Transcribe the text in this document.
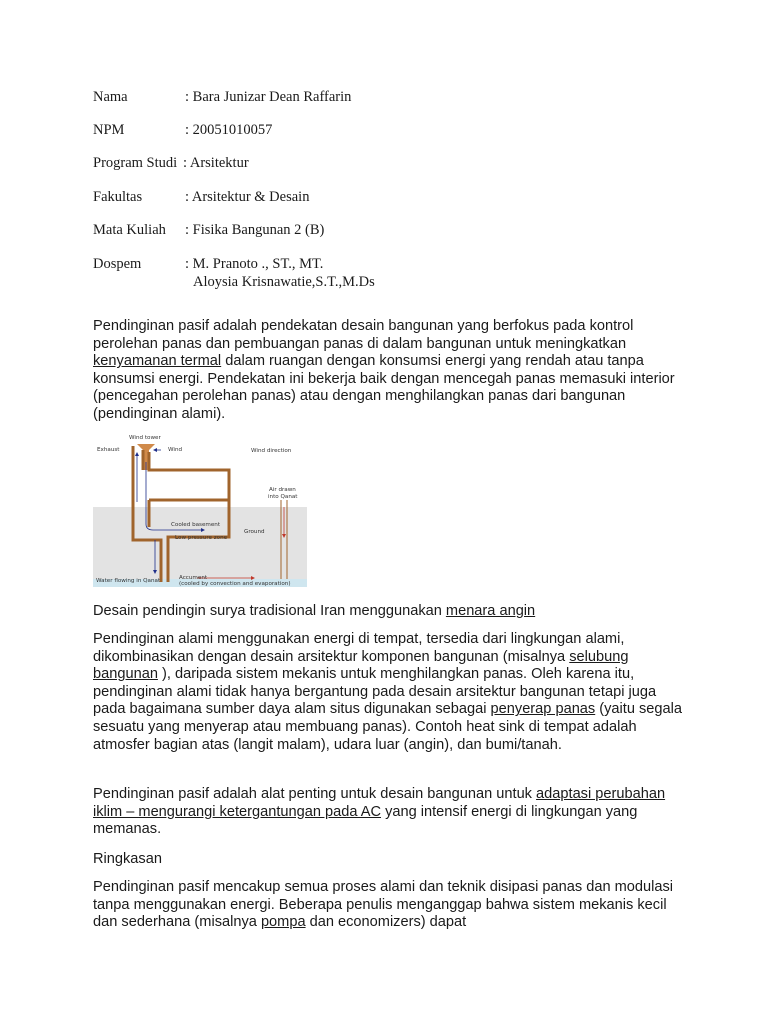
Nama	: Bara Junizar Dean Raffarin
NPM	: 20051010057
Program Studi : Arsitektur
Fakultas	: Arsitektur & Desain
Mata Kuliah : Fisika Bangunan 2 (B)
Dospem	: M. Pranoto ., ST., MT.
Aloysia Krisnawatie,S.T.,M.Ds

Pendinginan pasif adalah pendekatan desain bangunan yang berfokus pada kontrol perolehan panas dan pembuangan panas di dalam bangunan untuk meningkatkan kenyamanan termal dalam ruangan dengan konsumsi energi yang rendah atau tanpa konsumsi energi. Pendekatan ini bekerja baik dengan mencegah panas memasuki interior (pencegahan perolehan panas) atau dengan menghilangkan panas dari bangunan (pendinginan alami).

Wind tower
Exhaust	Wind	Wind direction
Air drawn
into Qanat
Cooled basement
Ground
Low pressure zone
Water flowing in Qanat	Accument
(cooled by convection and evaporation)

Desain pendingin surya tradisional Iran menggunakan menara angin

Pendinginan alami menggunakan energi di tempat, tersedia dari lingkungan alami, dikombinasikan dengan desain arsitektur komponen bangunan (misalnya selubung bangunan ), daripada sistem mekanis untuk menghilangkan panas. Oleh karena itu, pendinginan alami tidak hanya bergantung pada desain arsitektur bangunan tetapi juga pada bagaimana sumber daya alam situs digunakan sebagai penyerap panas (yaitu segala sesuatu yang menyerap atau membuang panas). Contoh heat sink di tempat adalah atmosfer bagian atas (langit malam), udara luar (angin), dan bumi/tanah.

Pendinginan pasif adalah alat penting untuk desain bangunan untuk adaptasi perubahan iklim – mengurangi ketergantungan pada AC yang intensif energi di lingkungan yang memanas.

Ringkasan

Pendinginan pasif mencakup semua proses alami dan teknik disipasi panas dan modulasi tanpa menggunakan energi. Beberapa penulis menganggap bahwa sistem mekanis kecil dan sederhana (misalnya pompa dan economizers) dapat
